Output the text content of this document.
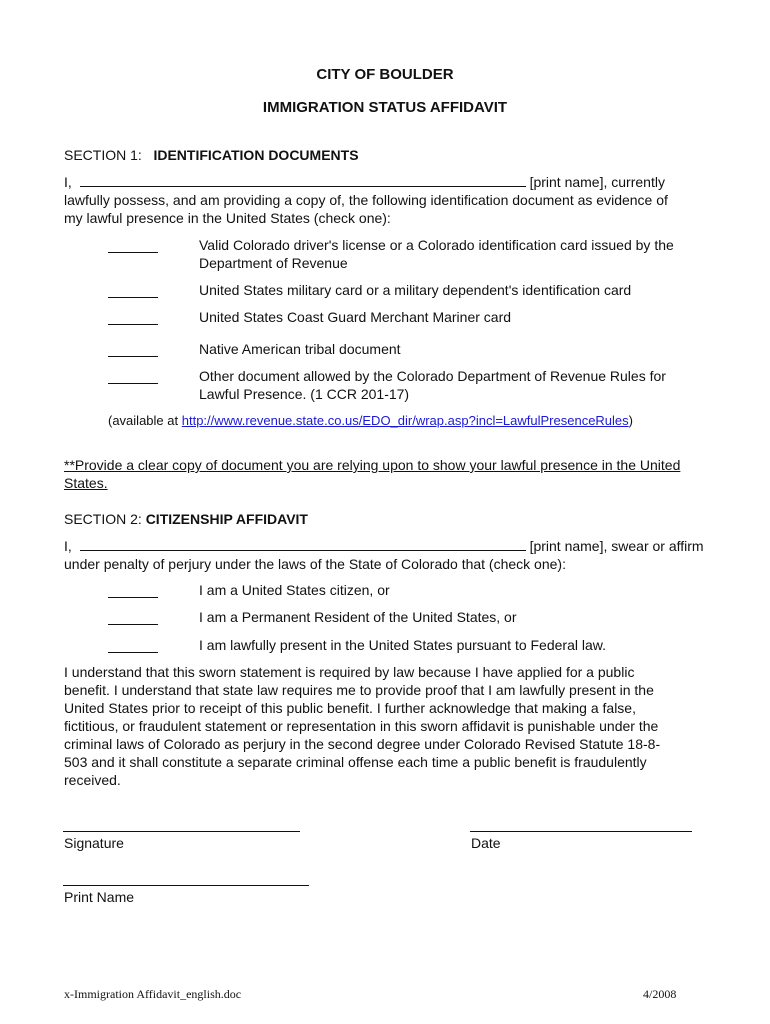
CITY OF BOULDER
IMMIGRATION STATUS AFFIDAVIT
SECTION 1: IDENTIFICATION DOCUMENTS
I,	[print name], currently
lawfully possess, and am providing a copy of, the following identification document as evidence of
my lawful presence in the United States (check one):
Valid Colorado driver's license or a Colorado identification card issued by the
Department of Revenue
United States military card or a military dependent's identification card
United States Coast Guard Merchant Mariner card
Native American tribal document
Other document allowed by the Colorado Department of Revenue Rules for
Lawful Presence. (1 CCR 201-17)
(available at http://www.revenue.state.co.us/EDO_dir/wrap.asp?incl=LawfulPresenceRules)
**Provide a clear copy of document you are relying upon to show your lawful presence in the United
States.
SECTION 2: CITIZENSHIP AFFIDAVIT
I,	[print name], swear or affirm
under penalty of perjury under the laws of the State of Colorado that (check one):
I am a United States citizen, or
I am a Permanent Resident of the United States, or
I am lawfully present in the United States pursuant to Federal law.
I understand that this sworn statement is required by law because I have applied for a public
benefit. I understand that state law requires me to provide proof that I am lawfully present in the
United States prior to receipt of this public benefit. I further acknowledge that making a false,
fictitious, or fraudulent statement or representation in this sworn affidavit is punishable under the
criminal laws of Colorado as perjury in the second degree under Colorado Revised Statute 18-8-
503 and it shall constitute a separate criminal offense each time a public benefit is fraudulently
received.
Signature	Date
Print Name
x-Immigration Affidavit_english.doc	4/2008
